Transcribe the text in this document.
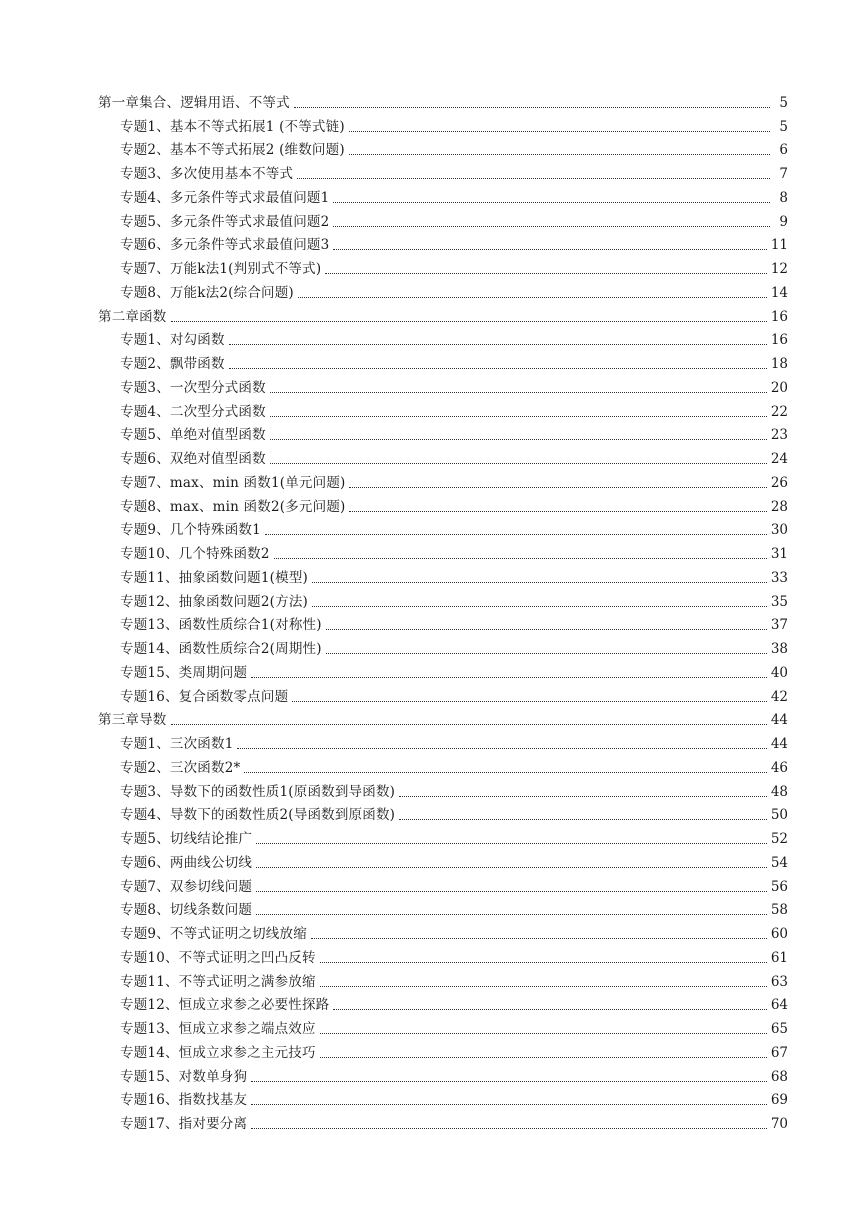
第一章集合、逻辑用语、不等式	5
专题1、基本不等式拓展1 (不等式链)	5
专题2、基本不等式拓展2 (维数问题)	6
专题3、多次使用基本不等式	7
专题4、多元条件等式求最值问题1	8
专题5、多元条件等式求最值问题2	9
专题6、多元条件等式求最值问题3	11
专题7、万能k法1(判别式不等式)	12
专题8、万能k法2(综合问题)	14
第二章函数	16
专题1、对勾函数	16
专题2、飘带函数	18
专题3、一次型分式函数	20
专题4、二次型分式函数	22
专题5、单绝对值型函数	23
专题6、双绝对值型函数	24
专题7、max、min 函数1(单元问题)	26
专题8、max、min 函数2(多元问题)	28
专题9、几个特殊函数1	30
专题10、几个特殊函数2	31
专题11、抽象函数问题1(模型)	33
专题12、抽象函数问题2(方法)	35
专题13、函数性质综合1(对称性)	37
专题14、函数性质综合2(周期性)	38
专题15、类周期问题	40
专题16、复合函数零点问题	42
第三章导数	44
专题1、三次函数1	44
专题2、三次函数2*	46
专题3、导数下的函数性质1(原函数到导函数)	48
专题4、导数下的函数性质2(导函数到原函数)	50
专题5、切线结论推广	52
专题6、两曲线公切线	54
专题7、双参切线问题	56
专题8、切线条数问题	58
专题9、不等式证明之切线放缩	60
专题10、不等式证明之凹凸反转	61
专题11、不等式证明之满参放缩	63
专题12、恒成立求参之必要性探路	64
专题13、恒成立求参之端点效应	65
专题14、恒成立求参之主元技巧	67
专题15、对数单身狗	68
专题16、指数找基友	69
专题17、指对要分离	70
